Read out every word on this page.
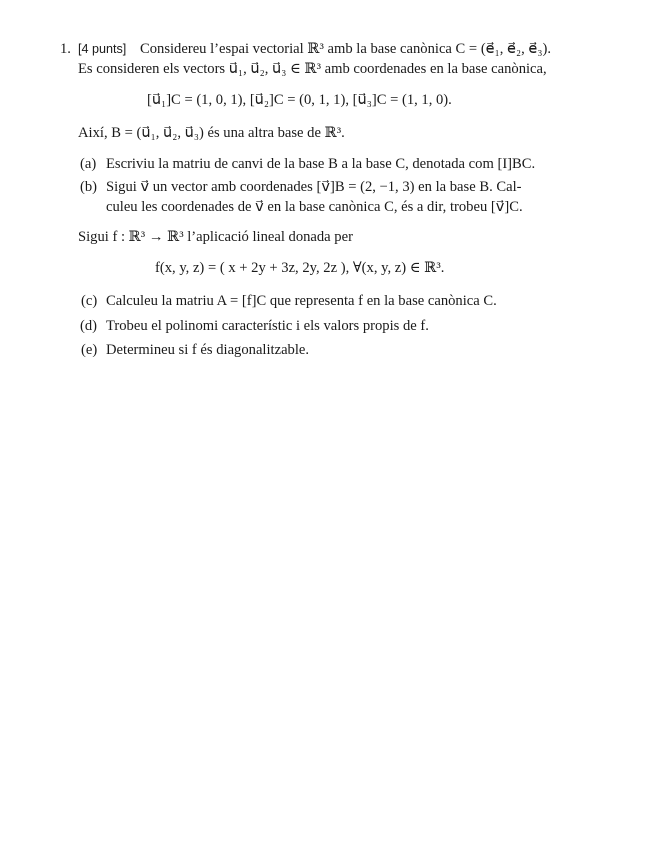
1. [4 punts] Considereu l’espai vectorial ℝ³ amb la base canònica C = (e⃗₁, e⃗₂, e⃗₃).
Es consideren els vectors u⃗₁, u⃗₂, u⃗₃ ∈ ℝ³ amb coordenades en la base canònica,
[u⃗₁]C = (1, 0, 1), [u⃗₂]C = (0, 1, 1), [u⃗₃]C = (1, 1, 0).
Així, B = (u⃗₁, u⃗₂, u⃗₃) és una altra base de ℝ³.
(a) Escriviu la matriu de canvi de la base B a la base C, denotada com [I]BC.
(b) Sigui v⃗ un vector amb coordenades [v⃗]B = (2, −1, 3) en la base B. Cal-
culeu les coordenades de v⃗ en la base canònica C, és a dir, trobeu [v⃗]C.
Sigui f : ℝ³ → ℝ³ l’aplicació lineal donada per
f(x, y, z) = ( x + 2y + 3z, 2y, 2z ), ∀(x, y, z) ∈ ℝ³.
(c) Calculeu la matriu A = [f]C que representa f en la base canònica C.
(d) Trobeu el polinomi característic i els valors propis de f.
(e) Determineu si f és diagonalitzable.
